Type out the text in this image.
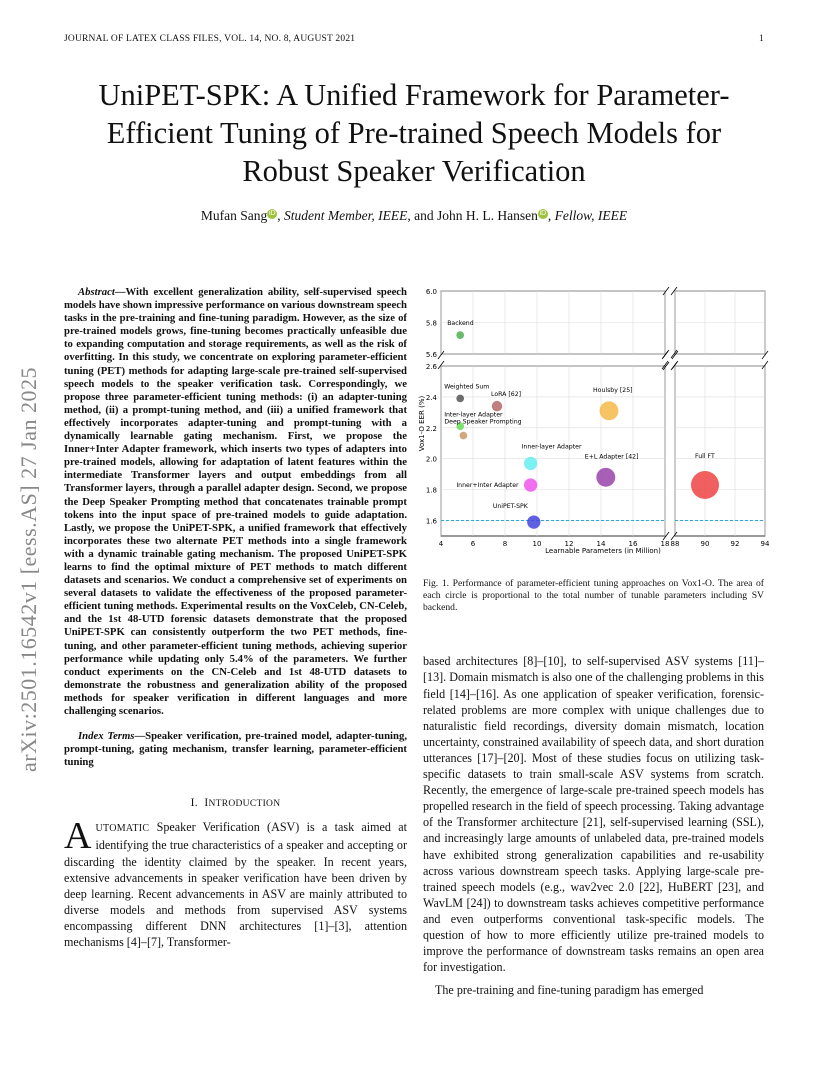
JOURNAL OF LATEX CLASS FILES, VOL. 14, NO. 8, AUGUST 2021	1
UniPET-SPK: A Unified Framework for Parameter-Efficient Tuning of Pre-trained Speech Models for Robust Speaker Verification
Mufan Sang iD , Student Member, IEEE, and John H. L. Hansen iD , Fellow, IEEE
arXiv:2501.16542v1 [eess.AS] 27 Jan 2025

Abstract—With excellent generalization ability, self-supervised speech models have shown impressive performance on various downstream speech tasks in the pre-training and fine-tuning paradigm. However, as the size of pre-trained models grows, fine-tuning becomes practically unfeasible due to expanding computation and storage requirements, as well as the risk of overfitting. In this study, we concentrate on exploring parameter-efficient tuning (PET) methods for adapting large-scale pre-trained self-supervised speech models to the speaker verification task. Correspondingly, we propose three parameter-efficient tuning methods: (i) an adapter-tuning method, (ii) a prompt-tuning method, and (iii) a unified framework that effectively incorporates adapter-tuning and prompt-tuning with a dynamically learnable gating mechanism. First, we propose the Inner+Inter Adapter framework, which inserts two types of adapters into pre-trained models, allowing for adaptation of latent features within the intermediate Transformer layers and output embeddings from all Transformer layers, through a parallel adapter design. Second, we propose the Deep Speaker Prompting method that concatenates trainable prompt tokens into the input space of pre-trained models to guide adaptation. Lastly, we propose the UniPET-SPK, a unified framework that effectively incorporates these two alternate PET methods into a single framework with a dynamic trainable gating mechanism. The proposed UniPET-SPK learns to find the optimal mixture of PET methods to match different datasets and scenarios. We conduct a comprehensive set of experiments on several datasets to validate the effectiveness of the proposed parameter-efficient tuning methods. Experimental results on the VoxCeleb, CN-Celeb, and the 1st 48-UTD forensic datasets demonstrate that the proposed UniPET-SPK can consistently outperform the two PET methods, fine-tuning, and other parameter-efficient tuning methods, achieving superior performance while updating only 5.4% of the parameters. We further conduct experiments on the CN-Celeb and 1st 48-UTD datasets to demonstrate the robustness and generalization ability of the proposed methods for speaker verification in different languages and more challenging scenarios.

Index Terms—Speaker verification, pre-trained model, adapter-tuning, prompt-tuning, gating mechanism, transfer learning, parameter-efficient tuning

I. INTRODUCTION

AUTOMATIC Speaker Verification (ASV) is a task aimed at identifying the true characteristics of a speaker and accepting or discarding the identity claimed by the speaker. In recent years, extensive advancements in speaker verification have been driven by deep learning. Recent advancements in ASV are mainly attributed to diverse models and methods from supervised ASV systems encompassing different DNN architectures [1]–[3], attention mechanisms [4]–[7], Transformer-

5.6
5.8
6.0
1.6
1.8
2.0
2.2
2.4
2.6
4	6	8	10	12	14	16	18 88	90	92	94
Learnable Parameters (in Million)
Vox1-O EER (%)
Backend
Weighted Sum
LoRA [62]
Houlsby [25]
Inter-layer Adapter
Deep Speaker Prompting
Inner-layer Adapter
E+L Adapter [42]
Inner+Inter Adapter
UniPET-SPK
Full FT

Fig. 1. Performance of parameter-efficient tuning approaches on Vox1-O. The area of each circle is proportional to the total number of tunable parameters including SV backend.

based architectures [8]–[10], to self-supervised ASV systems [11]–[13]. Domain mismatch is also one of the challenging problems in this field [14]–[16]. As one application of speaker verification, forensic-related problems are more complex with unique challenges due to naturalistic field recordings, diversity domain mismatch, location uncertainty, constrained availability of speech data, and short duration utterances [17]–[20]. Most of these studies focus on utilizing task-specific datasets to train small-scale ASV systems from scratch. Recently, the emergence of large-scale pre-trained speech models has propelled research in the field of speech processing. Taking advantage of the Transformer architecture [21], self-supervised learning (SSL), and increasingly large amounts of unlabeled data, pre-trained models have exhibited strong generalization capabilities and re-usability across various downstream speech tasks. Applying large-scale pre-trained speech models (e.g., wav2vec 2.0 [22], HuBERT [23], and WavLM [24]) to downstream tasks achieves competitive performance and even outperforms conventional task-specific models. The question of how to more efficiently utilize pre-trained models to improve the performance of downstream tasks remains an open area for investigation.

The pre-training and fine-tuning paradigm has emerged
